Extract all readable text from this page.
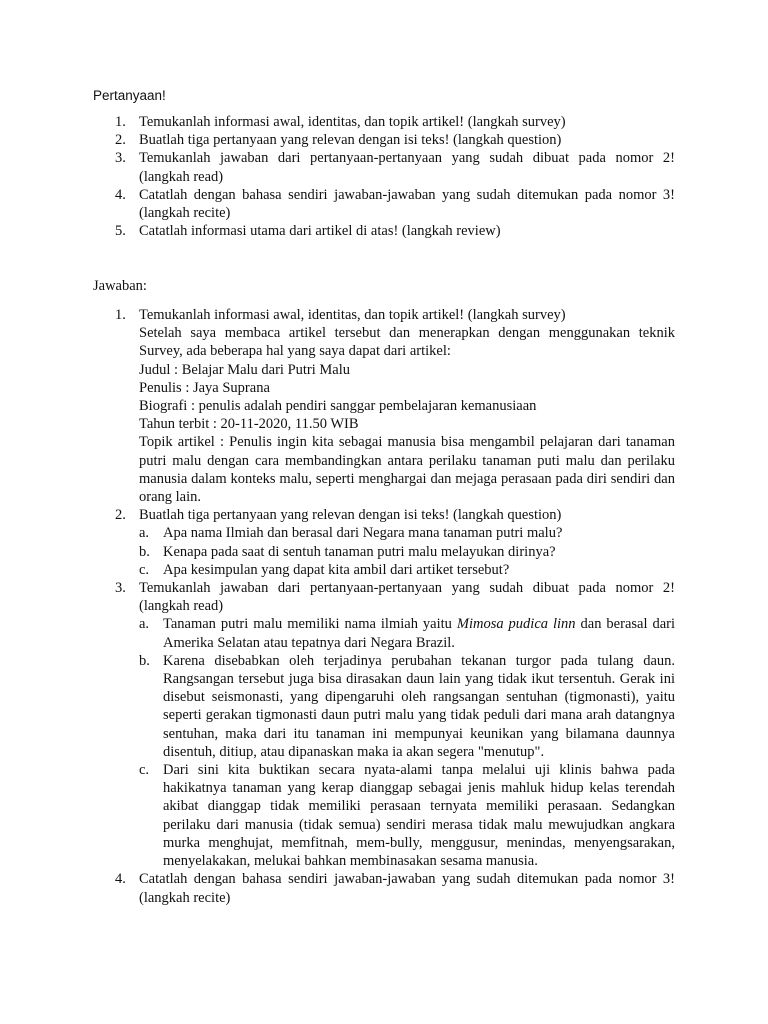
Pertanyaan!
1. Temukanlah informasi awal, identitas, dan topik artikel! (langkah survey)
2. Buatlah tiga pertanyaan yang relevan dengan isi teks! (langkah question)
3. Temukanlah jawaban dari pertanyaan-pertanyaan yang sudah dibuat pada nomor 2! (langkah read)
4. Catatlah dengan bahasa sendiri jawaban-jawaban yang sudah ditemukan pada nomor 3! (langkah recite)
5. Catatlah informasi utama dari artikel di atas! (langkah review)
Jawaban:
1. Temukanlah informasi awal, identitas, dan topik artikel! (langkah survey)
Setelah saya membaca artikel tersebut dan menerapkan dengan menggunakan teknik Survey, ada beberapa hal yang saya dapat dari artikel:
Judul : Belajar Malu dari Putri Malu
Penulis : Jaya Suprana
Biografi : penulis adalah pendiri sanggar pembelajaran kemanusiaan
Tahun terbit : 20-11-2020, 11.50 WIB
Topik artikel : Penulis ingin kita sebagai manusia bisa mengambil pelajaran dari tanaman putri malu dengan cara membandingkan antara perilaku tanaman puti malu dan perilaku manusia dalam konteks malu, seperti menghargai dan mejaga perasaan pada diri sendiri dan orang lain.
2. Buatlah tiga pertanyaan yang relevan dengan isi teks! (langkah question)
a. Apa nama Ilmiah dan berasal dari Negara mana tanaman putri malu?
b. Kenapa pada saat di sentuh tanaman putri malu melayukan dirinya?
c. Apa kesimpulan yang dapat kita ambil dari artiket tersebut?
3. Temukanlah jawaban dari pertanyaan-pertanyaan yang sudah dibuat pada nomor 2! (langkah read)
a. Tanaman putri malu memiliki nama ilmiah yaitu Mimosa pudica linn dan berasal dari Amerika Selatan atau tepatnya dari Negara Brazil.
b. Karena disebabkan oleh terjadinya perubahan tekanan turgor pada tulang daun. Rangsangan tersebut juga bisa dirasakan daun lain yang tidak ikut tersentuh. Gerak ini disebut seismonasti, yang dipengaruhi oleh rangsangan sentuhan (tigmonasti), yaitu seperti gerakan tigmonasti daun putri malu yang tidak peduli dari mana arah datangnya sentuhan, maka dari itu tanaman ini mempunyai keunikan yang bilamana daunnya disentuh, ditiup, atau dipanaskan maka ia akan segera "menutup".
c. Dari sini kita buktikan secara nyata-alami tanpa melalui uji klinis bahwa pada hakikatnya tanaman yang kerap dianggap sebagai jenis mahluk hidup kelas terendah akibat dianggap tidak memiliki perasaan ternyata memiliki perasaan. Sedangkan perilaku dari manusia (tidak semua) sendiri merasa tidak malu mewujudkan angkara murka menghujat, memfitnah, mem-bully, menggusur, menindas, menyengsarakan, menyelakakan, melukai bahkan membinasakan sesama manusia.
4. Catatlah dengan bahasa sendiri jawaban-jawaban yang sudah ditemukan pada nomor 3! (langkah recite)
